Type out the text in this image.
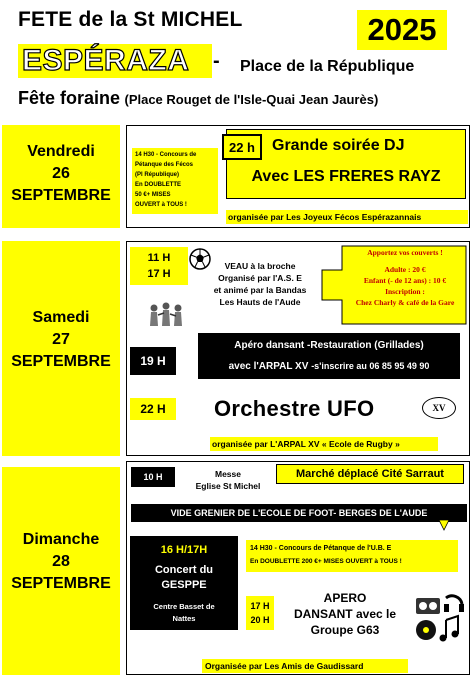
FETE de la St MICHEL	2025
ESPÉRAZA	- Place de la République
Fête foraine (Place Rouget de l'Isle-Quai Jean Jaurès)
Vendredi
26
SEPTEMBRE
14 H30 - Concours de
Pétanque des Fécos
(Pl République)
En DOUBLETTE
50 €+ MISES
OUVERT à TOUS !
22 h	Grande soirée DJ
Avec LES FRERES RAYZ
organisée par Les Joyeux Fécos Espérazannais
Samedi
27
SEPTEMBRE
11 H
17 H
VEAU à la broche
Organisé par l'A.S. E
et animé par la Bandas
Les Hauts de l'Aude
Apportez vos couverts !
Adulte : 20 €
Enfant (- de 12 ans) : 10 €
Inscription :
Chez Charly & café de la Gare
19 H
Apéro dansant -Restauration (Grillades)
avec l'ARPAL XV -s'inscrire au 06 85 95 49 90
22 H	Orchestre UFO	XV
organisée par L'ARPAL XV « Ecole de Rugby »
Dimanche
28
SEPTEMBRE
10 H	Messe
Eglise St Michel
Marché déplacé Cité Sarraut
VIDE GRENIER DE L'ECOLE DE FOOT- BERGES DE L'AUDE
16 H/17H
Concert du
GESPPE
Centre Basset de
Nattes
14 H30 - Concours de Pétanque de l'U.B. E
En DOUBLETTE 200 €+ MISES OUVERT à TOUS !
17 H
20 H
APERO
DANSANT avec le
Groupe G63
Organisée par Les Amis de Gaudissard
